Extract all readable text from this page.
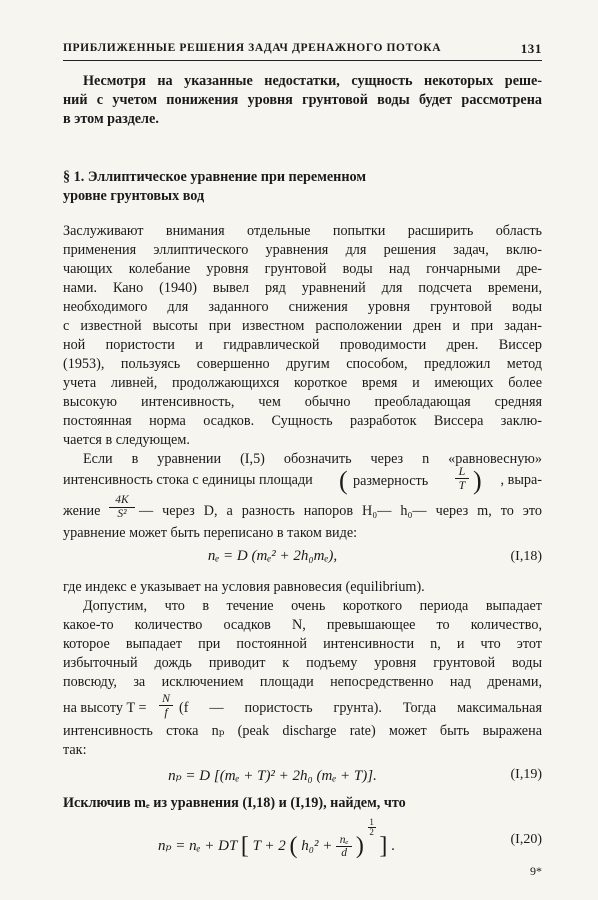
ПРИБЛИЖЕННЫЕ РЕШЕНИЯ ЗАДАЧ ДРЕНАЖНОГО ПОТОКА	131

Несмотря на указанные недостатки, сущность некоторых реше-
ний с учетом понижения уровня грунтовой воды будет рассмотрена
в этом разделе.

§ 1. Эллиптическое уравнение при переменном
уровне грунтовых вод

Заслуживают внимания отдельные попытки расширить область
применения эллиптического уравнения для решения задач, вклю-
чающих колебание уровня грунтовой воды над гончарными дре-
нами. Кано (1940) вывел ряд уравнений для подсчета времени,
необходимого для заданного снижения уровня грунтовой воды
с известной высоты при известном расположении дрен и при задан-
ной пористости и гидравлической проводимости дрен. Виссер
(1953), пользуясь совершенно другим способом, предложил метод
учета ливней, продолжающихся короткое время и имеющих более
высокую интенсивность, чем обычно преобладающая средняя
постоянная норма осадков. Сущность разработок Виссера заклю-
чается в следующем.

Если в уравнении (I,5) обозначить через n «равновесную»

интенсивность стока с единицы площади ( размерность $\frac{L}{T}$ ) , выра-
жение $\frac{4K}{\text{S²}}$ — через D, а разность напоров H₀— h₀— через m, то это

уравнение может быть переписано в таком виде:

nₑ = D (mₑ² + 2h₀mₑ),	(I,18)

где индекс e указывает на условия равновесия (equilibrium).

Допустим, что в течение очень короткого периода выпадает
какое-то количество осадков N, превышающее то количество,
которое выпадает при постоянной интенсивности n, и что этот
избыточный дождь приводит к подъему уровня грунтовой воды
повсюду, за исключением площади непосредственно над дренами,

на высоту $T = \frac{N}{f} (f$ — пористость грунта). Тогда максимальная

интенсивность стока nₚ (peak discharge rate) может быть выражена
так:

nₚ = D [(mₑ + T)² + 2h₀ (mₑ + T)].	(I,19)

Исключив mₑ из уравнения (I,18) и (I,19), найдем, что

nₚ = nₑ + DT [ T + 2 ( $h_0^2 + \frac{\text{nₑ}}{d}$ )
$\frac{1}{2}$
] .	(I,20)
9*
